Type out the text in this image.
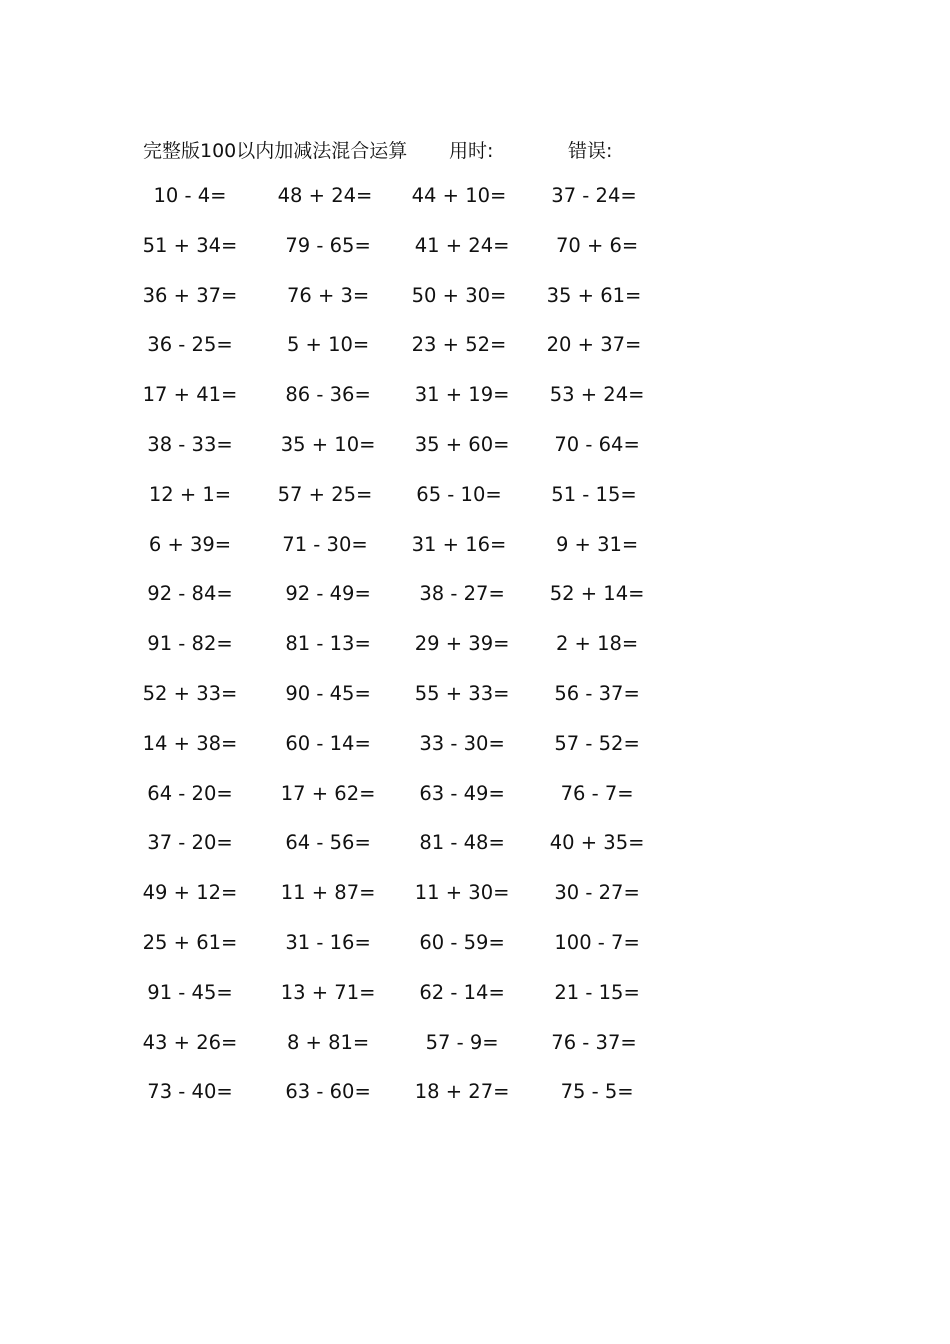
完整版100以内加减法混合运算 用时:	错误:
10 - 4=	48 + 24=	44 + 10=	37 - 24=
51 + 34=	79 - 65=	41 + 24=	70 + 6=
36 + 37=	76 + 3=	50 + 30=	35 + 61=
36 - 25=	5 + 10=	23 + 52=	20 + 37=
17 + 41=	86 - 36=	31 + 19=	53 + 24=
38 - 33=	35 + 10=	35 + 60=	70 - 64=
12 + 1=	57 + 25=	65 - 10=	51 - 15=
6 + 39=	71 - 30=	31 + 16=	9 + 31=
92 - 84=	92 - 49=	38 - 27=	52 + 14=
91 - 82=	81 - 13=	29 + 39=	2 + 18=
52 + 33=	90 - 45=	55 + 33=	56 - 37=
14 + 38=	60 - 14=	33 - 30=	57 - 52=
64 - 20=	17 + 62=	63 - 49=	76 - 7=
37 - 20=	64 - 56=	81 - 48=	40 + 35=
49 + 12=	11 + 87=	11 + 30=	30 - 27=
25 + 61=	31 - 16=	60 - 59=	100 - 7=
91 - 45=	13 + 71=	62 - 14=	21 - 15=
43 + 26=	8 + 81=	57 - 9=	76 - 37=
73 - 40=	63 - 60=	18 + 27=	75 - 5=
